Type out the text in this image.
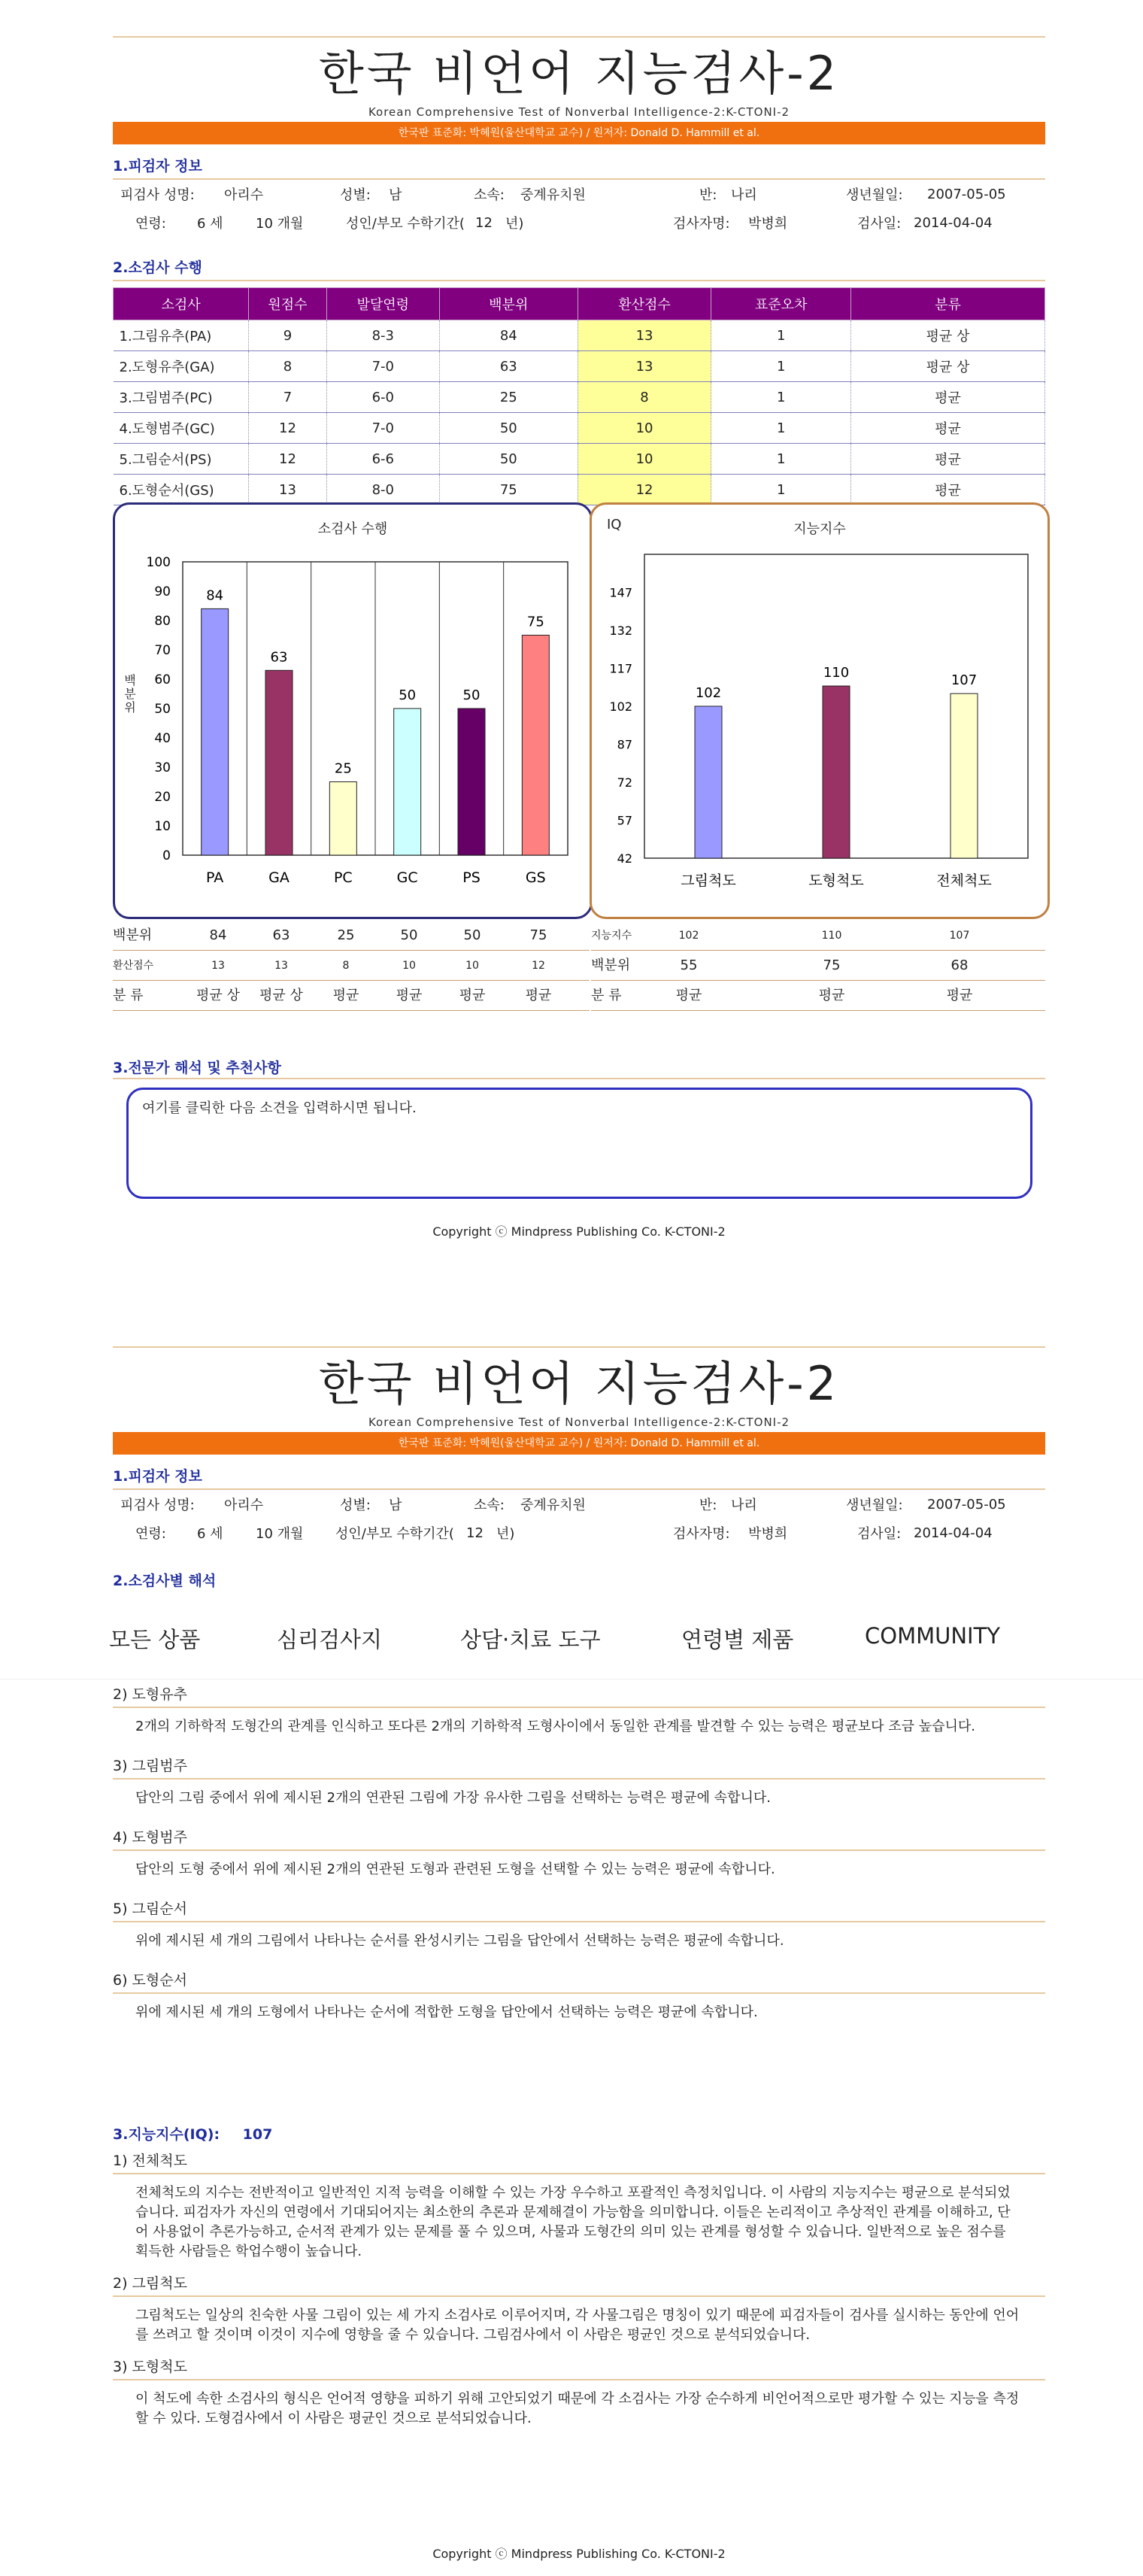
한국 비언어 지능검사-2
Korean Comprehensive Test of Nonverbal Intelligence-2:K-CTONI-2
한국판 표준화: 박혜원(울산대학교 교수) / 원저자: Donald D. Hammill et al.
1.피검자 정보
피검사 성명: 아리수	성별: 남	소속: 중계유치원	반: 나리	생년월일: 2007-05-05
연령: 6 세 10 개월	성인/부모 수학기간( 12 년)	검사자명: 박병희	검사일: 2014-04-04
2.소검사 수행
소검사	원점수	발달연령	백분위	환산점수	표준오차	분류
1.그림유추(PA)	9	8-3	84	13	1	평균 상
2.도형유추(GA)	8	7-0	63	13	1	평균 상
3.그림범주(PC)	7	6-0	25	8	1	평균
4.도형범주(GC)	12	7-0	50	10	1	평균
5.그림순서(PS)	12	6-6	50	10	1	평균
6.도형순서(GS)	13	8-0	75	12	1	평균
소검사 수행
백분위
0
10
20
30
40
50
60
70
80
90
100
84
PA
63
GA
25
PC
50
GC
50
PS
75
GS
IQ	지능지수
42
57
72
87
102
117
132
147
102
그림척도
110
도형척도
107
전체척도
백분위	84	63	25	50	50	75
환산점수	13	13	8	10	10	12
분 류	평균 상	평균 상	평균	평균	평균	평균
지능지수	102	110	107
백분위	55	75	68
분 류	평균	평균	평균
3.전문가 해석 및 추천사항
여기를 클릭한 다음 소견을 입력하시면 됩니다.
Copyright ⓒ Mindpress Publishing Co. K-CTONI-2
한국 비언어 지능검사-2
Korean Comprehensive Test of Nonverbal Intelligence-2:K-CTONI-2
한국판 표준화: 박혜원(울산대학교 교수) / 원저자: Donald D. Hammill et al.
1.피검자 정보
피검사 성명: 아리수	성별: 남	소속: 중계유치원	반: 나리	생년월일: 2007-05-05
연령: 6 세 10 개월 성인/부모 수학기간( 12 년)	검사자명: 박병희	검사일: 2014-04-04
2.소검사별 해석
모든 상품	심리검사지	상담·치료 도구	연령별 제품	COMMUNITY
2) 도형유추
2개의 기하학적 도형간의 관계를 인식하고 또다른 2개의 기하학적 도형사이에서 동일한 관계를 발견할 수 있는 능력은 평균보다 조금 높습니다.
3) 그림범주
답안의 그림 중에서 위에 제시된 2개의 연관된 그림에 가장 유사한 그림을 선택하는 능력은 평균에 속합니다.
4) 도형범주
답안의 도형 중에서 위에 제시된 2개의 연관된 도형과 관련된 도형을 선택할 수 있는 능력은 평균에 속합니다.
5) 그림순서
위에 제시된 세 개의 그림에서 나타나는 순서를 완성시키는 그림을 답안에서 선택하는 능력은 평균에 속합니다.
6) 도형순서
위에 제시된 세 개의 도형에서 나타나는 순서에 적합한 도형을 답안에서 선택하는 능력은 평균에 속합니다.
3.지능지수(IQ): 107
1) 전체척도
전체척도의 지수는 전반적이고 일반적인 지적 능력을 이해할 수 있는 가장 우수하고 포괄적인 측정치입니다. 이 사람의 지능지수는 평균으로 분석되었습니다. 피검자가 자신의 연령에서 기대되어지는 최소한의 추론과 문제해결이 가능함을 의미합니다. 이들은 논리적이고 추상적인 관계를 이해하고, 단어 사용없이 추론가능하고, 순서적 관계가 있는 문제를 풀 수 있으며, 사물과 도형간의 의미 있는 관계를 형성할 수 있습니다. 일반적으로 높은 점수를 획득한 사람들은 학업수행이 높습니다.
2) 그림척도
그림척도는 일상의 친숙한 사물 그림이 있는 세 가지 소검사로 이루어지며, 각 사물그림은 명칭이 있기 때문에 피검자들이 검사를 실시하는 동안에 언어를 쓰려고 할 것이며 이것이 지수에 영향을 줄 수 있습니다. 그림검사에서 이 사람은 평균인 것으로 분석되었습니다.
3) 도형척도
이 척도에 속한 소검사의 형식은 언어적 영향을 피하기 위해 고안되었기 때문에 각 소검사는 가장 순수하게 비언어적으로만 평가할 수 있는 지능을 측정할 수 있다. 도형검사에서 이 사람은 평균인 것으로 분석되었습니다.
Copyright ⓒ Mindpress Publishing Co. K-CTONI-2
